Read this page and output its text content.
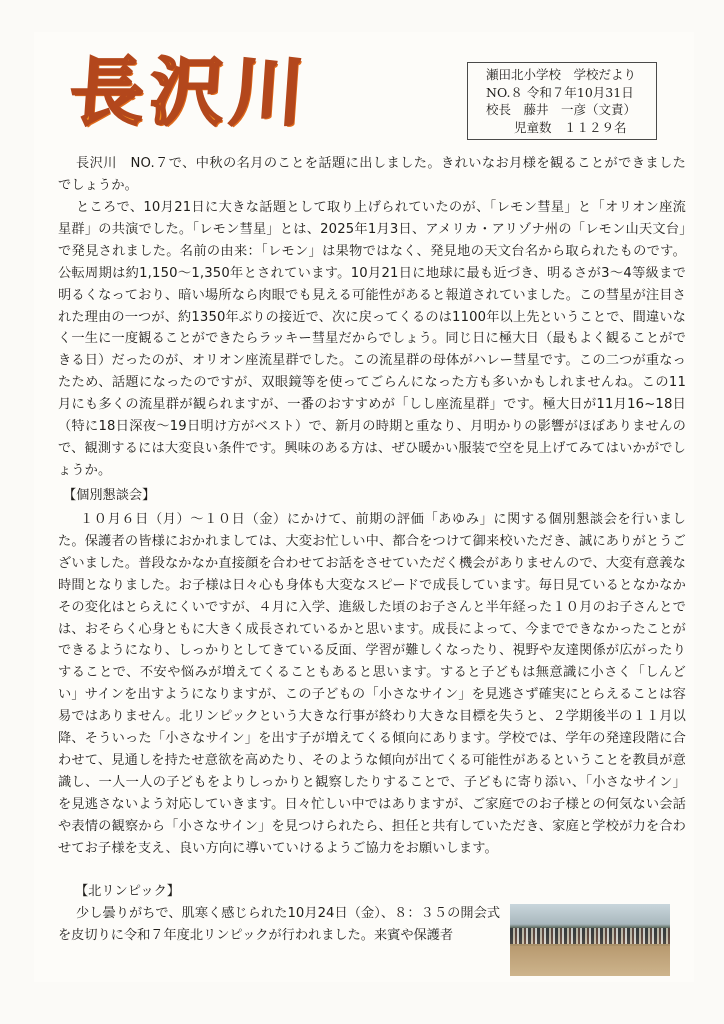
長沢川	瀬田北小学校　学校だより
NO.８ 令和７年10月31日
校長　藤井　一彦（文責）
児童数　１１２９名
長沢川　NO.７で、中秋の名月のことを話題に出しました。きれいなお月様を観ることができましたでしょうか。
ところで、10月21日に大きな話題として取り上げられていたのが、「レモン彗星」と「オリオン座流星群」の共演でした。「レモン彗星」とは、2025年1月3日、アメリカ・アリゾナ州の「レモン山天文台」で発見されました。名前の由来：「レモン」は果物ではなく、発見地の天文台名から取られたものです。公転周期は約1,150～1,350年とされています。10月21日に地球に最も近づき、明るさが3～4等級まで明るくなっており、暗い場所なら肉眼でも見える可能性があると報道されていました。この彗星が注目された理由の一つが、約1350年ぶりの接近で、次に戻ってくるのは1100年以上先ということで、間違いなく一生に一度観ることができたらラッキー彗星だからでしょう。同じ日に極大日（最もよく観ることができる日）だったのが、オリオン座流星群でした。この流星群の母体がハレー彗星です。この二つが重なったため、話題になったのですが、双眼鏡等を使ってごらんになった方も多いかもしれませんね。この11月にも多くの流星群が観られますが、一番のおすすめが「しし座流星群」です。極大日が11月16~18日（特に18日深夜～19日明け方がベスト）で、新月の時期と重なり、月明かりの影響がほぼありませんので、観測するには大変良い条件です。興味のある方は、ぜひ暖かい服装で空を見上げてみてはいかがでしょうか。
【個別懇談会】
１０月６日（月）～１０日（金）にかけて、前期の評価「あゆみ」に関する個別懇談会を行いました。保護者の皆様におかれましては、大変お忙しい中、都合をつけて御来校いただき、誠にありがとうございました。普段なかなか直接顔を合わせてお話をさせていただく機会がありませんので、大変有意義な時間となりました。お子様は日々心も身体も大変なスピードで成長しています。毎日見ているとなかなかその変化はとらえにくいですが、４月に入学、進級した頃のお子さんと半年経った１０月のお子さんとでは、おそらく心身ともに大きく成長されているかと思います。成長によって、今までできなかったことができるようになり、しっかりとしてきている反面、学習が難しくなったり、視野や友達関係が広がったりすることで、不安や悩みが増えてくることもあると思います。すると子どもは無意識に小さく「しんどい」サインを出すようになりますが、この子どもの「小さなサイン」を見逃さず確実にとらえることは容易ではありません。北リンピックという大きな行事が終わり大きな目標を失うと、２学期後半の１１月以降、そういった「小さなサイン」を出す子が増えてくる傾向にあります。学校では、学年の発達段階に合わせて、見通しを持たせ意欲を高めたり、そのような傾向が出てくる可能性があるということを教員が意識し、一人一人の子どもをよりしっかりと観察したりすることで、子どもに寄り添い、「小さなサイン」を見逃さないよう対応していきます。日々忙しい中ではありますが、ご家庭でのお子様との何気ない会話や表情の観察から「小さなサイン」を見つけられたら、担任と共有していただき、家庭と学校が力を合わせてお子様を支え、良い方向に導いていけるようご協力をお願いします。
【北リンピック】
少し曇りがちで、肌寒く感じられた10月24日（金）、８：３５の開会式を皮切りに令和７年度北リンピックが行われました。来賓や保護者
